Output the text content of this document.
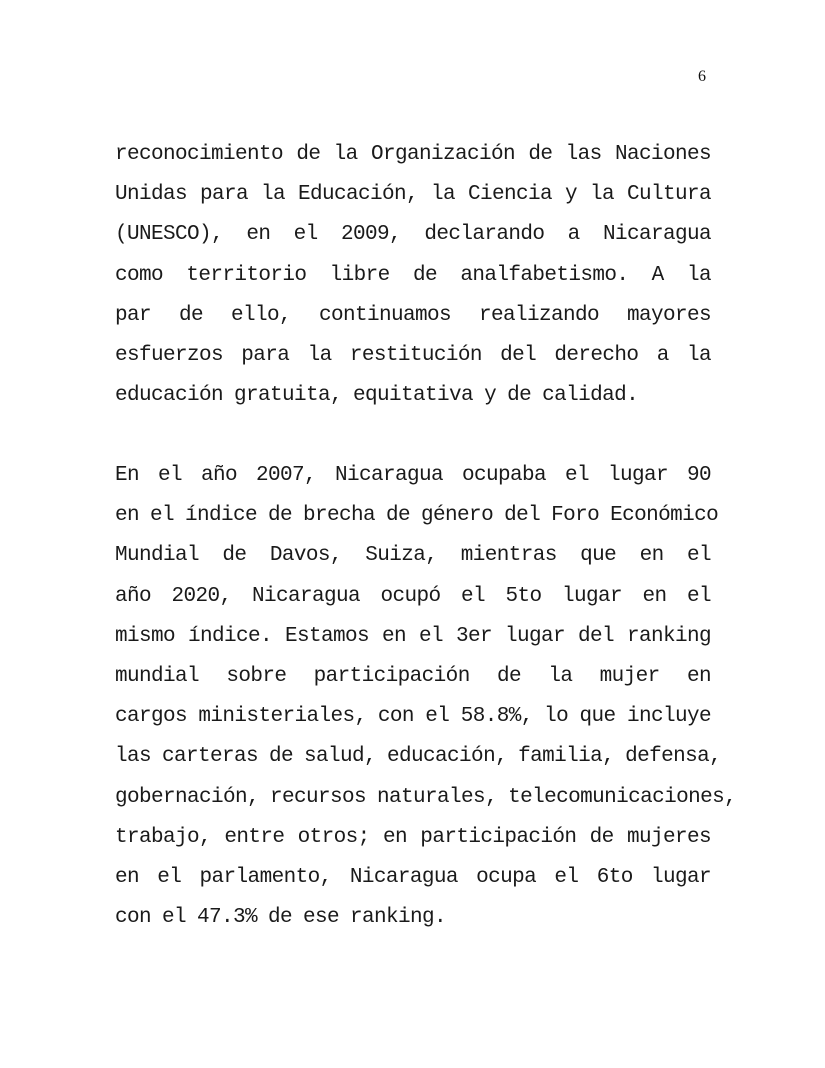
6
reconocimiento de la Organización de las Naciones
Unidas para la Educación, la Ciencia y la Cultura
(UNESCO), en el 2009, declarando a Nicaragua
como territorio libre de analfabetismo. A la
par de ello, continuamos realizando mayores
esfuerzos para la restitución del derecho a la
educación gratuita, equitativa y de calidad.
En el año 2007, Nicaragua ocupaba el lugar 90
en el índice de brecha de género del Foro Económico
Mundial de Davos, Suiza, mientras que en el
año 2020, Nicaragua ocupó el 5to lugar en el
mismo índice. Estamos en el 3er lugar del ranking
mundial sobre participación de la mujer en
cargos ministeriales, con el 58.8%, lo que incluye
las carteras de salud, educación, familia, defensa,
gobernación, recursos naturales, telecomunicaciones,
trabajo, entre otros; en participación de mujeres
en el parlamento, Nicaragua ocupa el 6to lugar
con el 47.3% de ese ranking.
